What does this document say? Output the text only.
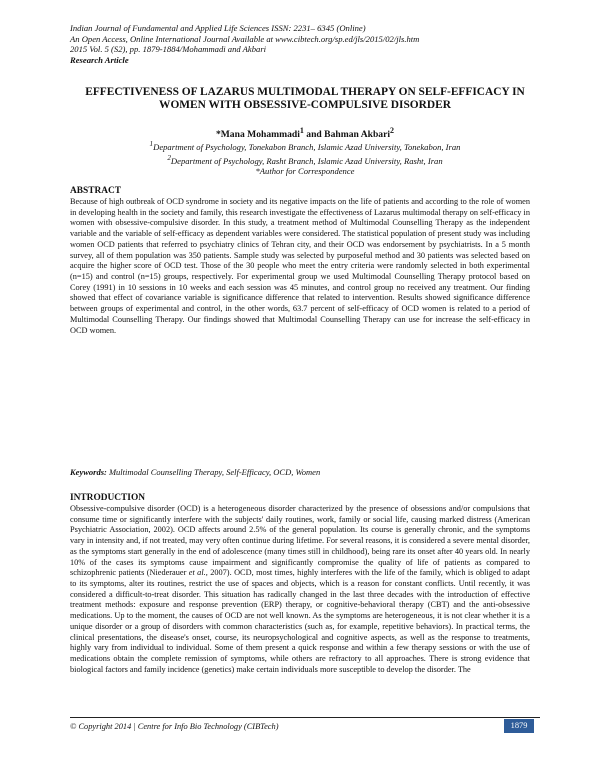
Indian Journal of Fundamental and Applied Life Sciences ISSN: 2231– 6345 (Online)
An Open Access, Online International Journal Available at www.cibtech.org/sp.ed/jls/2015/02/jls.htm
2015 Vol. 5 (S2), pp. 1879-1884/Mohammadi and Akbari
Research Article
EFFECTIVENESS OF LAZARUS MULTIMODAL THERAPY ON SELF-EFFICACY IN WOMEN WITH OBSESSIVE-COMPULSIVE DISORDER
*Mana Mohammadi$^1$ and Bahman Akbari$^2$
$^1$Department of Psychology, Tonekabon Branch, Islamic Azad University, Tonekabon, Iran
$^2$Department of Psychology, Rasht Branch, Islamic Azad University, Rasht, Iran
*Author for Correspondence
ABSTRACT
Because of high outbreak of OCD syndrome in society and its negative impacts on the life of patients and according to the role of women in developing health in the society and family, this research investigate the effectiveness of Lazarus multimodal therapy on self-efficacy in women with obsessive-compulsive disorder. In this study, a treatment method of Multimodal Counselling Therapy as the independent variable and the variable of self-efficacy as dependent variables were considered. The statistical population of present study was including women OCD patients that referred to psychiatry clinics of Tehran city, and their OCD was endorsement by psychiatrists. In a 5 month survey, all of them population was 350 patients. Sample study was selected by purposeful method and 30 patients was selected based on acquire the higher score of OCD test. Those of the 30 people who meet the entry criteria were randomly selected in both experimental (n=15) and control (n=15) groups, respectively. For experimental group we used Multimodal Counselling Therapy protocol based on Corey (1991) in 10 sessions in 10 weeks and each session was 45 minutes, and control group no received any treatment. Our finding showed that effect of covariance variable is significance difference that related to intervention. Results showed significance difference between groups of experimental and control, in the other words, 63.7 percent of self-efficacy of OCD women is related to a period of Multimodal Counselling Therapy. Our findings showed that Multimodal Counselling Therapy can use for increase the self-efficacy in OCD women.
Keywords: Multimodal Counselling Therapy, Self-Efficacy, OCD, Women
INTRODUCTION
Obsessive-compulsive disorder (OCD) is a heterogeneous disorder characterized by the presence of obsessions and/or compulsions that consume time or significantly interfere with the subjects' daily routines, work, family or social life, causing marked distress (American Psychiatric Association, 2002). OCD affects around 2.5% of the general population. Its course is generally chronic, and the symptoms vary in intensity and, if not treated, may very often continue during lifetime. For several reasons, it is considered a severe mental disorder, as the symptoms start generally in the end of adolescence (many times still in childhood), being rare its onset after 40 years old. In nearly 10% of the cases its symptoms cause impairment and significantly compromise the quality of life of patients as compared to schizophrenic patients (Niederauer et al., 2007). OCD, most times, highly interferes with the life of the family, which is obliged to adapt to its symptoms, alter its routines, restrict the use of spaces and objects, which is a reason for constant conflicts. Until recently, it was considered a difficult-to-treat disorder. This situation has radically changed in the last three decades with the introduction of effective treatment methods: exposure and response prevention (ERP) therapy, or cognitive-behavioral therapy (CBT) and the anti-obsessive medications. Up to the moment, the causes of OCD are not well known. As the symptoms are heterogeneous, it is not clear whether it is a unique disorder or a group of disorders with common characteristics (such as, for example, repetitive behaviors). In practical terms, the clinical presentations, the disease's onset, course, its neuropsychological and cognitive aspects, as well as the response to treatments, highly vary from individual to individual. Some of them present a quick response and within a few therapy sessions or with the use of medications obtain the complete remission of symptoms, while others are refractory to all approaches. There is strong evidence that biological factors and family incidence (genetics) make certain individuals more susceptible to develop the disorder. The
© Copyright 2014 | Centre for Info Bio Technology (CIBTech)	1879
